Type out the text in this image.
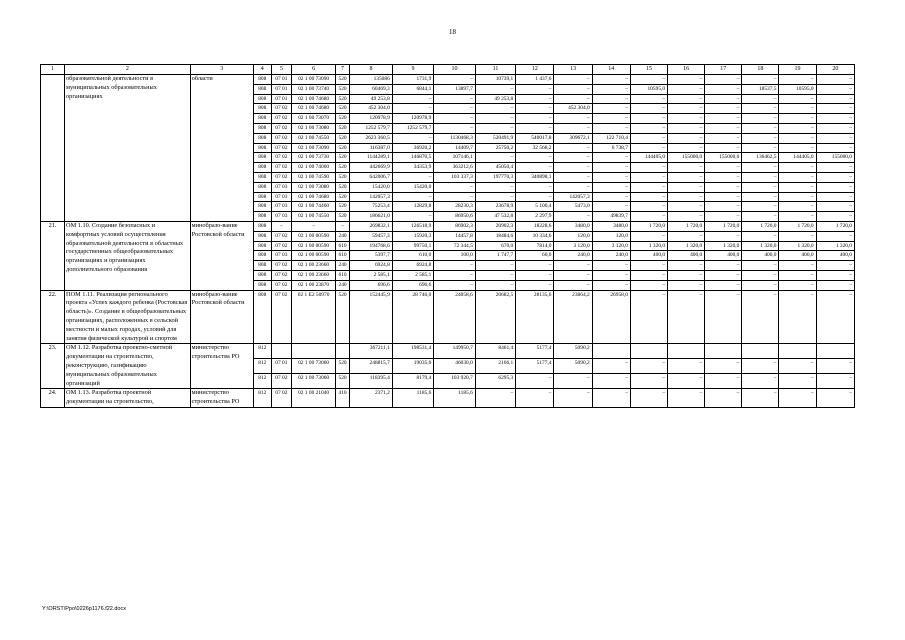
18
1	2	3	4	5	6	7	8	9	10	11	12	13	14	15	16	17	18	19	20
	образовательной деятельности в муниципальных образовательных организациях	области	808	07 01	02 1 00 73090	520	135086	1731,9	–	10739,1	1 437,6	–	–	–	–	–	–	–	–
			808	07 01	02 1 00 73740	520	60469,3	6844,1	13897,7	–	–	–	–	10595,0	–	–	18537,5	10595,0	–
			808	07 01	02 1 00 74680	520	49 253,8	–	–	49 253,8	–	–	–	–	–	–	–	–	–
			808	07 02	02 1 00 74680	520	452 304,0	–	–	–	–	452 304,0	–	–	–	–	–	–	–
			808	07 02	02 1 00 73070	520	120978,9	120978,9	–	–	–	–	–	–	–	–	–	–	–
			808	07 02	02 1 00 73080	520	1252 579,7	1252 579,7	–	–	–	–	–	–	–	–	–	–	–
			808	07 02	02 1 00 74550	520	2623 360,5	–	1130468,3	520491,9	540017,8	309672,1	122 710,4	–	–	–	–	–	–
			808	07 02	02 1 00 73090	520	116387,0	36920,2	14409,7	25750,2	32 568,2	–	6 738,7	–	–	–	–	–	–
			808	07 02	02 1 00 73730	520	1144289,1	146870,5	107146,1	–	–	–	–	144405,0	155000,0	155000,0	136462,5	144405,0	155000,0
			808	07 02	02 1 00 74060	520	442669,9	34353,9	363212,6	45050,4	–	–	–	–	–	–	–	–	–
			808	07 02	02 1 00 74590	520	642006,7	–	103 337,3	197770,3	340898,1	–	–	–	–	–	–	–	–
			808	07 03	02 1 00 73080	520	15420,0	15420,0	–	–	–	–	–	–	–	–	–	–	–
			808	07 03	02 1 00 74680	520	142057,3	–	–	–	–	142057,3	–	–	–	–	–	–	–
			808	07 03	02 1 00 74460	520	75253,4	12829,8	28230,3	23678,9	5 100,4	5473,0	–	–	–	–	–	–	–
			808	07 03	02 1 00 74550	520	186621,0	–	86950,6	47 532,8	2 297,9	–	49839,7	–	–	–	–	–	–
21.	ОМ 1.10. Создание безопасных и комфортных условий осуществления образовательной деятельности в областных государственных общеобразовательных организациях и организациях дополнительного образования	минобразо-вание Ростовской области	808	–	–	–	269832,1	126518,9	86902,3	20902,3	18228,6	3480,0	3480,0	1 720,0	1 720,0	1 720,0	1 720,0	1 720,0	1 720,0
			808	07 02	02 1 00 00590	240	59457,3	15920,3	14457,8	18484,6	10 334,6	120,0	120,0	–	–	–	–	–	–
			808	07 02	02 1 00 00590	610	194768,6	99750,1	72 344,5	670,0	7814,0	3 120,0	3 120,0	1 320,0	1 320,0	1 320,0	1 320,0	1 320,0	1 320,0
			808	07 03	02 1 00 00590	610	5397,7	610,0	100,0	1 747,7	60,0	240,0	240,0	400,0	400,0	400,0	400,0	400,0	400,0
			808	07 02	02 1 00 23660	240	6924,8	6924,8	–	–	–	–	–	–	–	–	–	–	–
			808	07 02	02 1 00 23660	610	2 585,1	2 585,1	–	–	–	–	–	–	–	–	–	–	–
			808	07 02	02 1 00 23870	240	696,6	696,6	–	–	–	–	–	–	–	–	–	–	–
22.	ПОМ 1.11. Реализация регионального проекта «Успех каждого ребенка (Ростовская область)». Создание в общеобразовательных организациях, расположенных в сельской местности и малых городах, условий для занятия физической культурой и спортом	минобразо-вание Ростовской области	808	07 02	02 1 Е2 50970	520	152445,9	28 746,0	24058,6	20682,5	28135,6	23864,2	26958,0	–	–	–	–	–	–
23.	ОМ 1.12. Разработка проектно-сметной документации на строительство, реконструкцию, газификацию муниципальных образовательных организаций	министерство строительства РО	812				367211,1	198531,4	149950,7	8461,4	5177,4	5090,2							
			812	07 01	02 1 00 73060	520	248815,7	19035,0	46030,0	2166,1	5177,4	5090,2	–	–	–	–	–	–	–
			812	07 02	02 1 00 73060	520	118395,4	8179,4	103 920,7	6295,3	–	–	–	–	–	–	–	–	–
24.	ОМ 1.13. Разработка проектной документации на строительство,	министерство строительства РО	812	07 02	02 1 00 21040	410	2371,2	1185,6	1185,6	–	–	–	–	–	–	–	–	–	–
Y:\ORST\Ppo\0226p1176.f22.docx
